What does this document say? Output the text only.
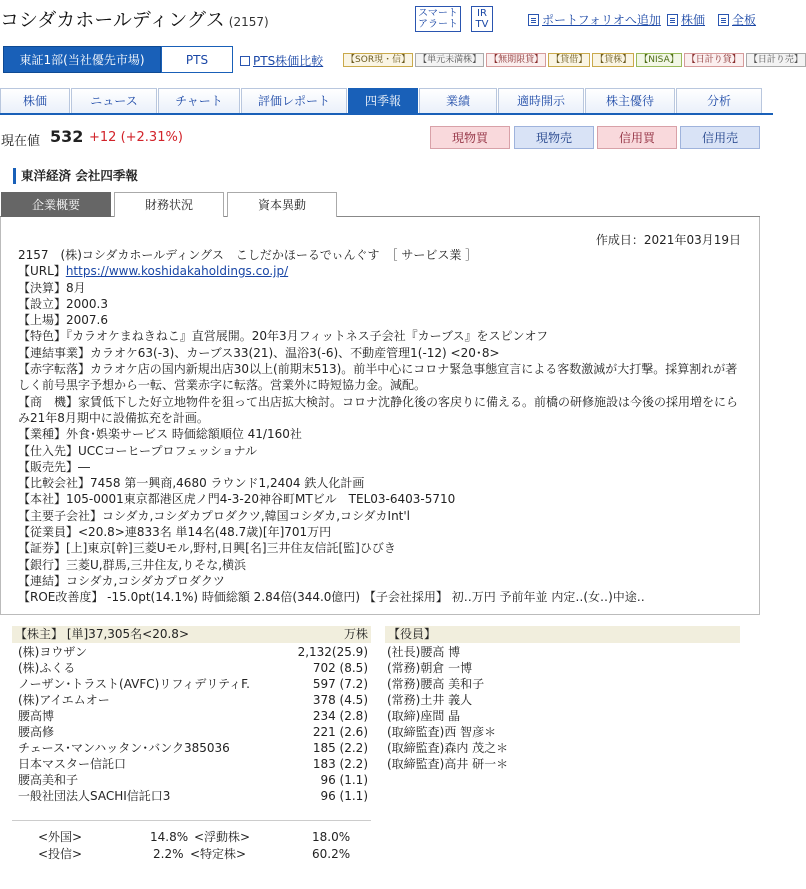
コシダカホールディングス (2157)
スマート
アラート
IR
TV	ポートフォリオへ追加 株価 全板
東証1部(当社優先市場)	PTS	PTS株価比較	【SOR現・信】 【単元未満株】 【無期限貸】 【貸借】 【貸株】 【NISA】 【日計り貸】 【日計り売】
株価	ニュース	チャート	評価レポート	四季報	業績	適時開示	株主優待	分析
現在値 532 +12 (+2.31%)	現物買	現物売	信用買	信用売
東洋経済 会社四季報
企業概要	財務状況	資本異動
作成日：2021年03月19日
2157　(株)コシダカホールディングス　こしだかほーるでぃんぐす　［ サービス業 ］
【URL】https://www.koshidakaholdings.co.jp/
【決算】8月
【設立】2000.3
【上場】2007.6
【特色】『カラオケまねきねこ』直営展開。20年3月フィットネス子会社『カーブス』をスピンオフ
【連結事業】カラオケ63(-3)、カーブス33(21)、温浴3(-6)、不動産管理1(-12) <20･8>
【赤字転落】カラオケ店の国内新規出店30以上(前期末513)。前半中心にコロナ緊急事態宣言による客数激減が大打撃。採算割れが著しく前号黒字予想から一転、営業赤字に転落。営業外に時短協力金。減配。
【商　機】家賃低下した好立地物件を狙って出店拡大検討。コロナ沈静化後の客戻りに備える。前橋の研修施設は今後の採用増をにらみ21年8月期中に設備拡充を計画。
【業種】外食･娯楽サービス 時価総額順位 41/160社
【仕入先】UCCコーヒープロフェッショナル
【販売先】―
【比較会社】7458 第一興商,4680 ラウンド1,2404 鉄人化計画
【本社】105-0001東京都港区虎ノ門4-3-20神谷町MTビル　TEL03-6403-5710
【主要子会社】コシダカ,コシダカプロダクツ,韓国コシダカ,コシダカInt'l
【従業員】<20.8>連833名 単14名(48.7歳)[年]701万円
【証券】[上]東京[幹]三菱Uモル,野村,日興[名]三井住友信託[監]ひびき
【銀行】三菱U,群馬,三井住友,りそな,横浜
【連結】コシダカ,コシダカプロダクツ
【ROE改善度】 -15.0pt(14.1%) 時価総額 2.84倍(344.0億円) 【子会社採用】 初‥万円 予前年並 内定‥(女‥)中途‥
【株主】 [単]37,305名<20.8>	万株
(株)ヨウザン	2,132(25.9)
(株)ふくる	702 (8.5)
ノーザン･トラスト(AVFC)リフィデリティF.	597 (7.2)
(株)アイエムオー	378 (4.5)
腰高博	234 (2.8)
腰高修	221 (2.6)
チェース･マンハッタン･バンク385036	185 (2.2)
日本マスター信託口	183 (2.2)
腰高美和子	96 (1.1)
一般社団法人SACHI信託口3	96 (1.1)
【役員】
(社長)腰高 博
(常務)朝倉 一博
(常務)腰高 美和子
(常務)土井 義人
(取締)座間 晶
(取締監査)西 智彦＊
(取締監査)森内 茂之＊
(取締監査)高井 研一＊
<外国>	14.8% <浮動株>	18.0%
<投信>	2.2% <特定株>	60.2%
